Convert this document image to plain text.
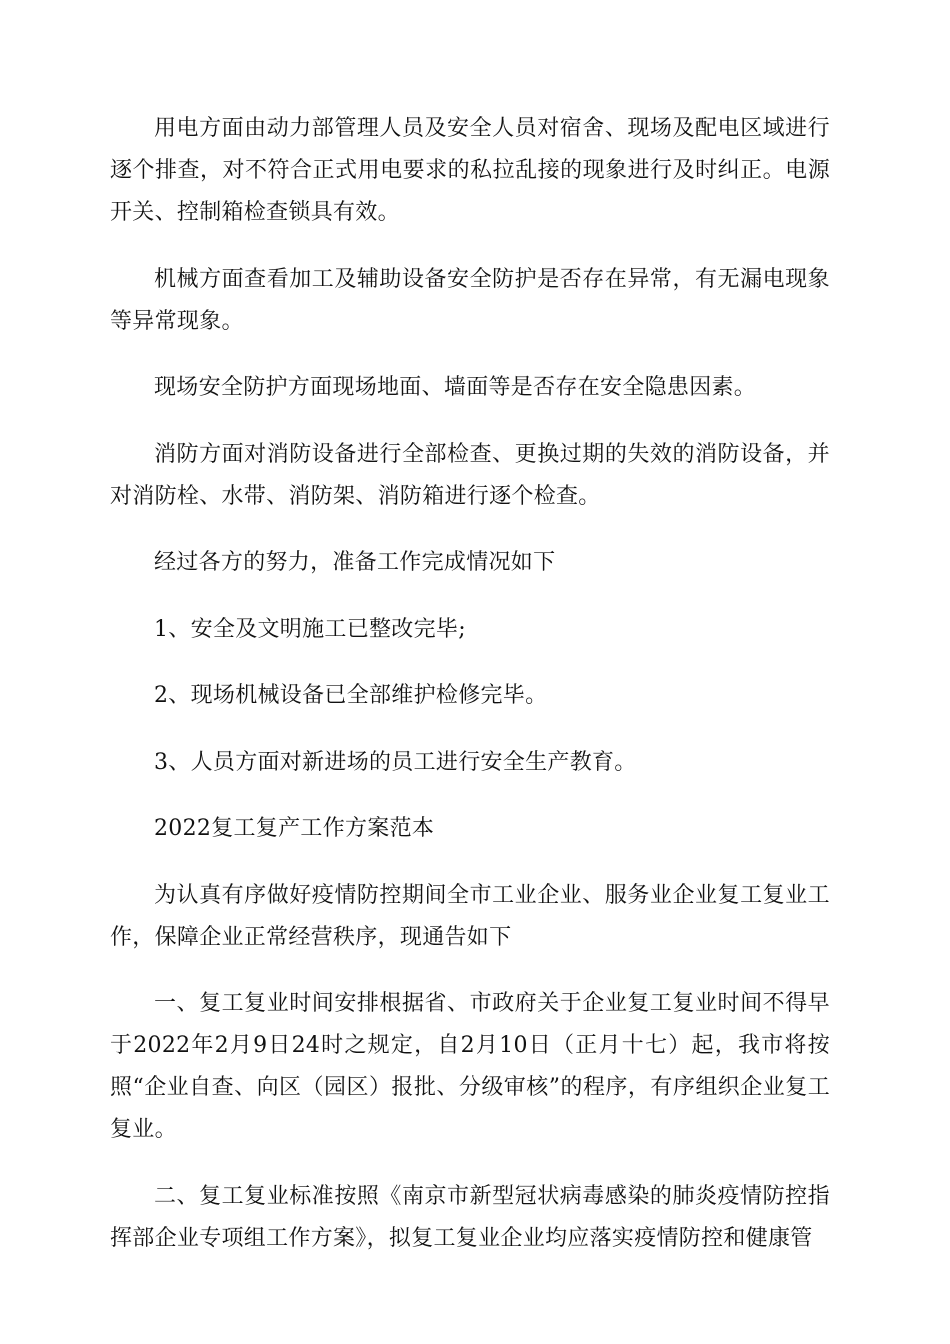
用电方面由动力部管理人员及安全人员对宿舍、现场及配电区域进行逐个排查，对不符合正式用电要求的私拉乱接的现象进行及时纠正。电源开关、控制箱检查锁具有效。

机械方面查看加工及辅助设备安全防护是否存在异常，有无漏电现象等异常现象。

现场安全防护方面现场地面、墙面等是否存在安全隐患因素。

消防方面对消防设备进行全部检查、更换过期的失效的消防设备，并对消防栓、水带、消防架、消防箱进行逐个检查。

经过各方的努力，准备工作完成情况如下

1、安全及文明施工已整改完毕;

2、现场机械设备已全部维护检修完毕。

3、人员方面对新进场的员工进行安全生产教育。

2022复工复产工作方案范本

为认真有序做好疫情防控期间全市工业企业、服务业企业复工复业工作，保障企业正常经营秩序，现通告如下

一、复工复业时间安排根据省、市政府关于企业复工复业时间不得早于2022年2月9日24时之规定，自2月10日（正月十七）起，我市将按照“企业自查、向区（园区）报批、分级审核”的程序，有序组织企业复工复业。

二、复工复业标准按照《南京市新型冠状病毒感染的肺炎疫情防控指挥部企业专项组工作方案》，拟复工复业企业均应落实疫情防控和健康管
